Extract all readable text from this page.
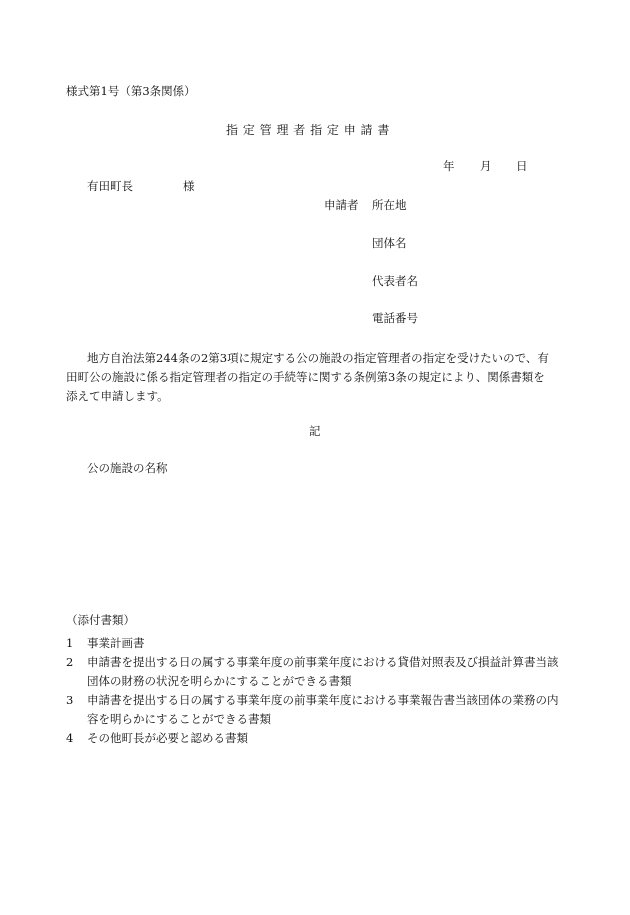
様式第1号（第3条関係）
指 定 管 理 者 指 定 申 請 書
年 月 日
有田町長	様
申請者 所在地
団体名
代表者名
電話番号
地方自治法第244条の2第3項に規定する公の施設の指定管理者の指定を受けたいので、有田町公の施設に係る指定管理者の指定の手続等に関する条例第3条の規定により、関係書類を添えて申請します。
記
公の施設の名称
（添付書類）
1 事業計画書
2 申請書を提出する日の属する事業年度の前事業年度における貸借対照表及び損益計算書当該団体の財務の状況を明らかにすることができる書類
3 申請書を提出する日の属する事業年度の前事業年度における事業報告書当該団体の業務の内容を明らかにすることができる書類
4 その他町長が必要と認める書類
